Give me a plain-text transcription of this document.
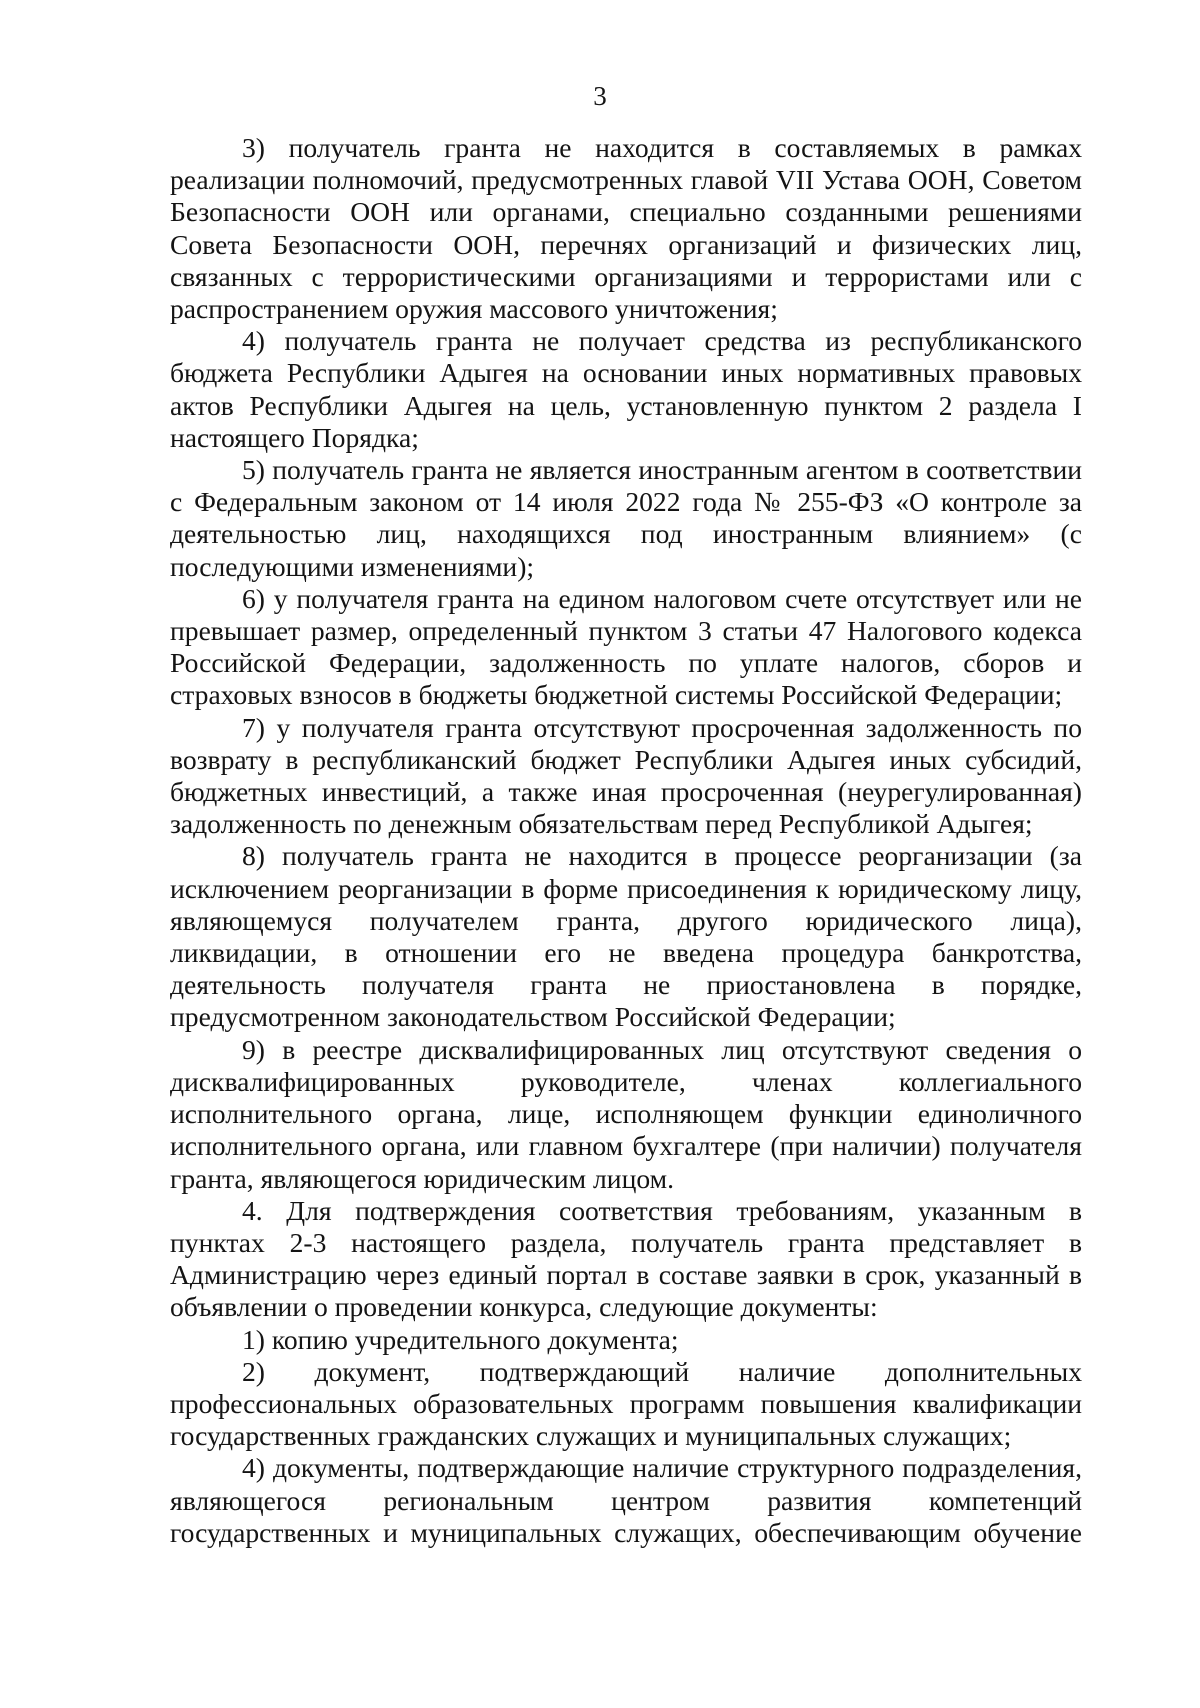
3

3) получатель гранта не находится в составляемых в рамках реализации полномочий, предусмотренных главой VII Устава ООН, Советом Безопасности ООН или органами, специально созданными решениями Совета Безопасности ООН, перечнях организаций и физических лиц, связанных с террористическими организациями и террористами или с распространением оружия массового уничтожения;

4) получатель гранта не получает средства из республиканского бюджета Республики Адыгея на основании иных нормативных правовых актов Республики Адыгея на цель, установленную пунктом 2 раздела I настоящего Порядка;

5) получатель гранта не является иностранным агентом в соответствии с Федеральным законом от 14 июля 2022 года № 255-ФЗ «О контроле за деятельностью лиц, находящихся под иностранным влиянием» (с последующими изменениями);

6) у получателя гранта на едином налоговом счете отсутствует или не превышает размер, определенный пунктом 3 статьи 47 Налогового кодекса Российской Федерации, задолженность по уплате налогов, сборов и страховых взносов в бюджеты бюджетной системы Российской Федерации;

7) у получателя гранта отсутствуют просроченная задолженность по возврату в республиканский бюджет Республики Адыгея иных субсидий, бюджетных инвестиций, а также иная просроченная (неурегулированная) задолженность по денежным обязательствам перед Республикой Адыгея;

8) получатель гранта не находится в процессе реорганизации (за исключением реорганизации в форме присоединения к юридическому лицу, являющемуся получателем гранта, другого юридического лица), ликвидации, в отношении его не введена процедура банкротства, деятельность получателя гранта не приостановлена в порядке, предусмотренном законодательством Российской Федерации;

9) в реестре дисквалифицированных лиц отсутствуют сведения о дисквалифицированных руководителе, членах коллегиального исполнительного органа, лице, исполняющем функции единоличного исполнительного органа, или главном бухгалтере (при наличии) получателя гранта, являющегося юридическим лицом.

4. Для подтверждения соответствия требованиям, указанным в пунктах 2-3 настоящего раздела, получатель гранта представляет в Администрацию через единый портал в составе заявки в срок, указанный в объявлении о проведении конкурса, следующие документы:

1) копию учредительного документа;

2) документ, подтверждающий наличие дополнительных профессиональных образовательных программ повышения квалификации государственных гражданских служащих и муниципальных служащих;

4) документы, подтверждающие наличие структурного подразделения, являющегося региональным центром развития компетенций государственных и муниципальных служащих, обеспечивающим обучение
